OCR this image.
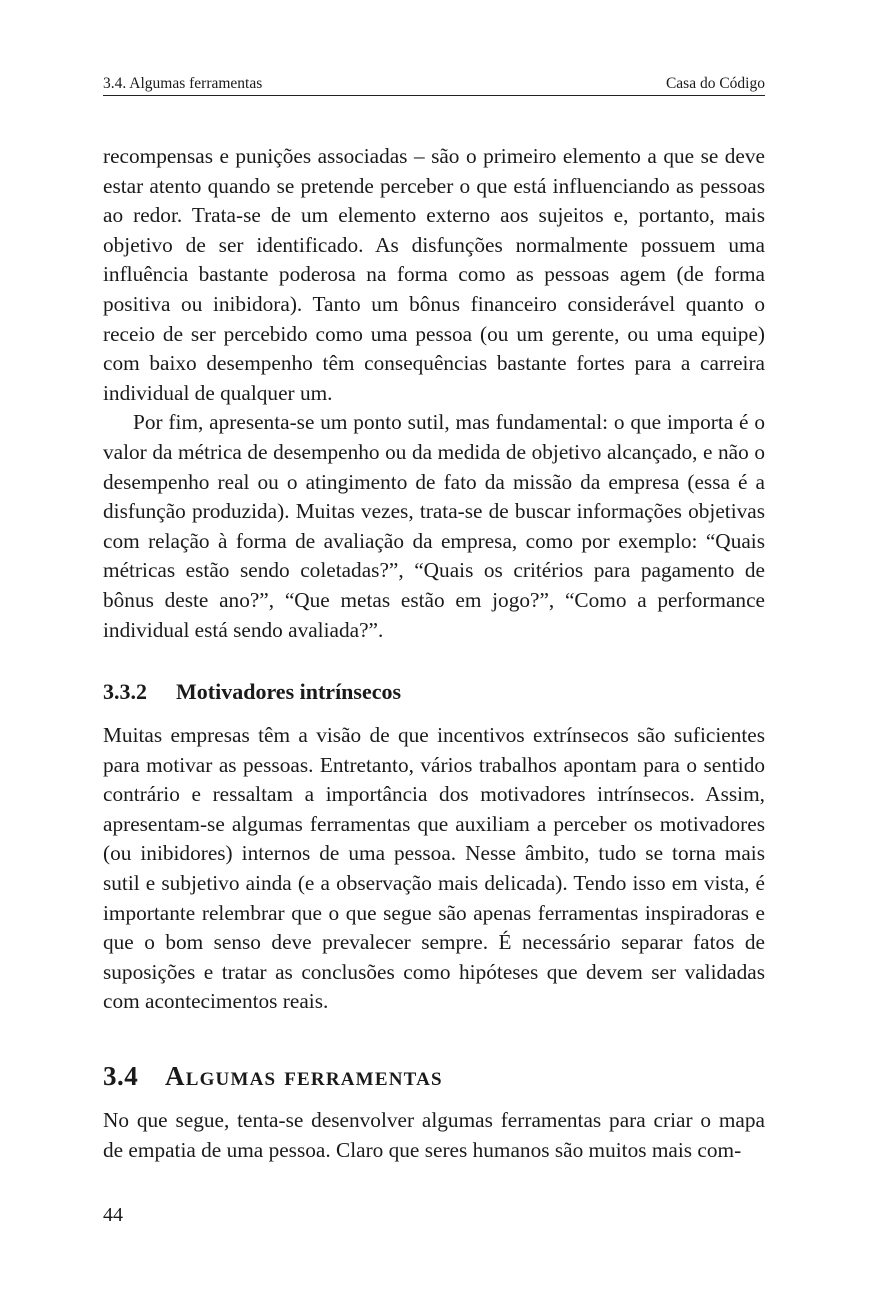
3.4. Algumas ferramentas	Casa do Código

recompensas e punições associadas – são o primeiro elemento a que se deve estar atento quando se pretende perceber o que está influenciando as pessoas ao redor. Trata-se de um elemento externo aos sujeitos e, portanto, mais objetivo de ser identificado. As disfunções normalmente possuem uma influência bastante poderosa na forma como as pessoas agem (de forma positiva ou inibidora). Tanto um bônus financeiro considerável quanto o receio de ser percebido como uma pessoa (ou um gerente, ou uma equipe) com baixo desempenho têm consequências bastante fortes para a carreira individual de qualquer um.

Por fim, apresenta-se um ponto sutil, mas fundamental: o que importa é o valor da métrica de desempenho ou da medida de objetivo alcançado, e não o desempenho real ou o atingimento de fato da missão da empresa (essa é a disfunção produzida). Muitas vezes, trata-se de buscar informações objetivas com relação à forma de avaliação da empresa, como por exemplo: “Quais métricas estão sendo coletadas?”, “Quais os critérios para pagamento de bônus deste ano?”, “Que metas estão em jogo?”, “Como a performance individual está sendo avaliada?”.

3.3.2 Motivadores intrínsecos

Muitas empresas têm a visão de que incentivos extrínsecos são suficientes para motivar as pessoas. Entretanto, vários trabalhos apontam para o sentido contrário e ressaltam a importância dos motivadores intrínsecos. Assim, apresentam-se algumas ferramentas que auxiliam a perceber os motivadores (ou inibidores) internos de uma pessoa. Nesse âmbito, tudo se torna mais sutil e subjetivo ainda (e a observação mais delicada). Tendo isso em vista, é importante relembrar que o que segue são apenas ferramentas inspiradoras e que o bom senso deve prevalecer sempre. É necessário separar fatos de suposições e tratar as conclusões como hipóteses que devem ser validadas com acontecimentos reais.

3.4 Algumas ferramentas

No que segue, tenta-se desenvolver algumas ferramentas para criar o mapa de empatia de uma pessoa. Claro que seres humanos são muitos mais com-

44
